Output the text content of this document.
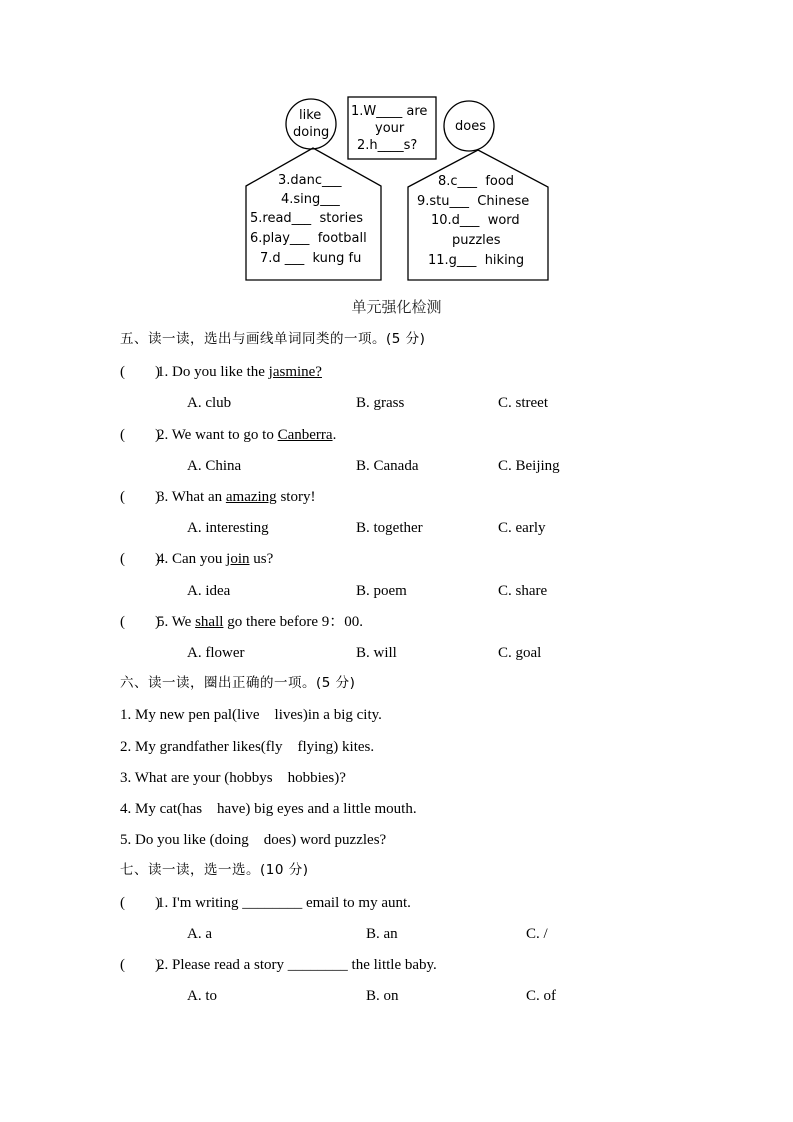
like
doing
1.W____ are
your
2.h____s?
does
3.danc___
4.sing___
5.read___  stories
6.play___  football
7.d ___  kung fu
8.c___  food
9.stu___  Chinese
10.d___  word
puzzles
11.g___  hiking
单元强化检测
五、读一读，选出与画线单词同类的一项。(5 分)
(        )
1. Do you like the jasmine?
A. club	B. grass	C. street
(        )
2. We want to go to Canberra.
A. China	B. Canada	C. Beijing
(        )
3. What an amazing story!
A. interesting	B. together	C. early
(        )
4. Can you join us?
A. idea	B. poem	C. share
(        )
5. We shall go there before 9：00.
A. flower	B. will	C. goal
六、读一读，圈出正确的一项。(5 分)
1. My new pen pal(live    lives)in a big city.
2. My grandfather likes(fly    flying) kites.
3. What are your (hobbys    hobbies)?
4. My cat(has    have) big eyes and a little mouth.
5. Do you like (doing    does) word puzzles?
七、读一读，选一选。(10 分)
(        )
1. I'm writing ________ email to my aunt.
A. a	B. an	C. /
(        )
2. Please read a story ________ the little baby.
A. to	B. on	C. of
